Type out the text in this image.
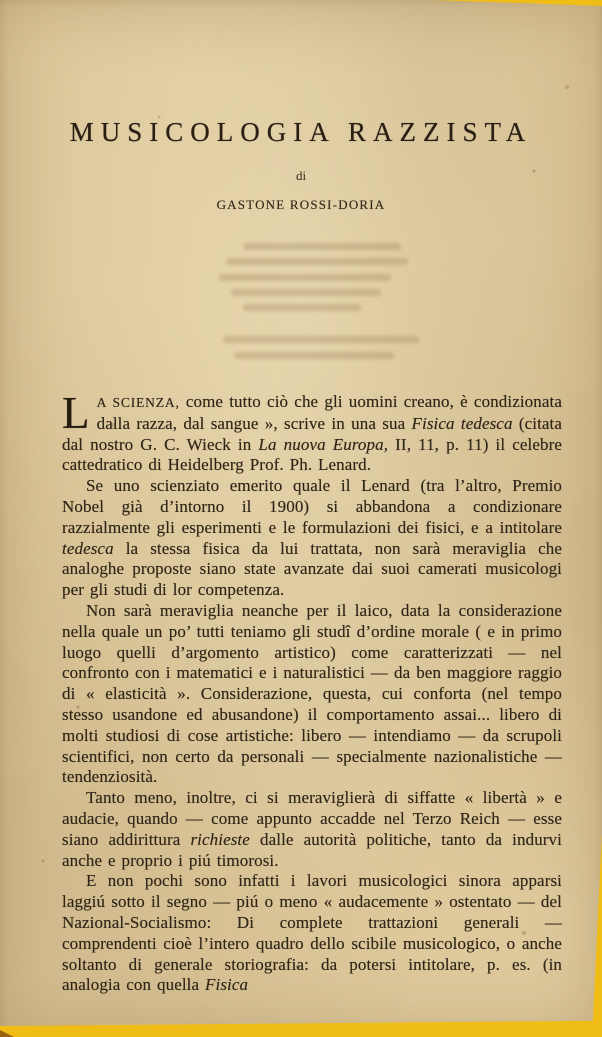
MUSICOLOGIA RAZZISTA
di
GASTONE ROSSI-DORIA

L A SCIENZA, come tutto ciò che gli uomini creano, è condizionata dalla razza, dal sangue », scrive in una sua Fisica tedesca (citata dal nostro G. C. Wieck in La nuova Europa, II, 11, p. 11) il celebre cattedratico di Heidelberg Prof. Ph. Lenard.

Se uno scienziato emerito quale il Lenard (tra l’altro, Premio Nobel già d’intorno il 1900) si abbandona a condizionare razzialmente gli esperimenti e le formulazioni dei fisici, e a intitolare tedesca la stessa fisica da lui trattata, non sarà meraviglia che analoghe proposte siano state avanzate dai suoi camerati musicologi per gli studi di lor competenza.

Non sarà meraviglia neanche per il laico, data la considerazione nella quale un po’ tutti teniamo gli studî d’ordine morale ( e in primo luogo quelli d’argomento artistico) come caratterizzati — nel confronto con i matematici e i naturalistici — da ben maggiore raggio di « elasticità ». Considerazione, questa, cui conforta (nel tempo stesso usandone ed abusandone) il comportamento assai... libero di molti studiosi di cose artistiche: libero — intendiamo — da scrupoli scientifici, non certo da personali — specialmente nazionalistiche — tendenziosità.

Tanto meno, inoltre, ci si meraviglierà di siffatte « libertà » e audacie, quando — come appunto accadde nel Terzo Reich — esse siano addirittura richieste dalle autorità politiche, tanto da indurvi anche e proprio i piú timorosi.

E non pochi sono infatti i lavori musicologici sinora apparsi laggiú sotto il segno — piú o meno « audacemente » ostentato — del Nazional-Socialismo: Di complete trattazioni generali — comprendenti cioè l’intero quadro dello scibile musicologico, o anche soltanto di generale storiografia: da potersi intitolare, p. es. (in analogia con quella Fisica
